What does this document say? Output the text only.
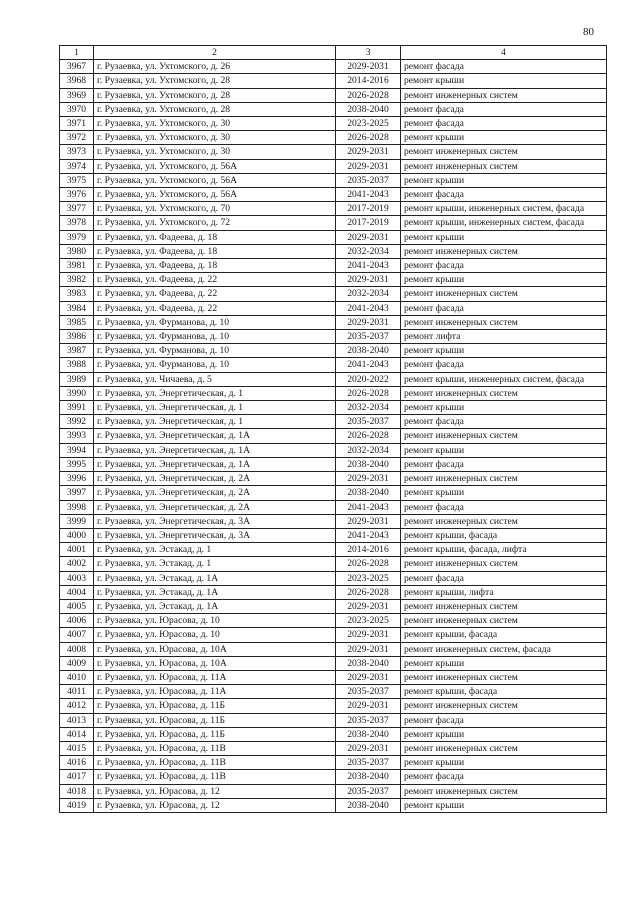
80
1	2	3	4
3967	г. Рузаевка, ул. Ухтомского, д. 26	2029-2031	ремонт фасада
3968	г. Рузаевка, ул. Ухтомского, д. 28	2014-2016	ремонт крыши
3969	г. Рузаевка, ул. Ухтомского, д. 28	2026-2028	ремонт инженерных систем
3970	г. Рузаевка, ул. Ухтомского, д. 28	2038-2040	ремонт фасада
3971	г. Рузаевка, ул. Ухтомского, д. 30	2023-2025	ремонт фасада
3972	г. Рузаевка, ул. Ухтомского, д. 30	2026-2028	ремонт крыши
3973	г. Рузаевка, ул. Ухтомского, д. 30	2029-2031	ремонт инженерных систем
3974	г. Рузаевка, ул. Ухтомского, д. 56А	2029-2031	ремонт инженерных систем
3975	г. Рузаевка, ул. Ухтомского, д. 56А	2035-2037	ремонт крыши
3976	г. Рузаевка, ул. Ухтомского, д. 56А	2041-2043	ремонт фасада
3977	г. Рузаевка, ул. Ухтомского, д. 70	2017-2019	ремонт крыши, инженерных систем, фасада
3978	г. Рузаевка, ул. Ухтомского, д. 72	2017-2019	ремонт крыши, инженерных систем, фасада
3979	г. Рузаевка, ул. Фадеева, д. 18	2029-2031	ремонт крыши
3980	г. Рузаевка, ул. Фадеева, д. 18	2032-2034	ремонт инженерных систем
3981	г. Рузаевка, ул. Фадеева, д. 18	2041-2043	ремонт фасада
3982	г. Рузаевка, ул. Фадеева, д. 22	2029-2031	ремонт крыши
3983	г. Рузаевка, ул. Фадеева, д. 22	2032-2034	ремонт инженерных систем
3984	г. Рузаевка, ул. Фадеева, д. 22	2041-2043	ремонт фасада
3985	г. Рузаевка, ул. Фурманова, д. 10	2029-2031	ремонт инженерных систем
3986	г. Рузаевка, ул. Фурманова, д. 10	2035-2037	ремонт лифта
3987	г. Рузаевка, ул. Фурманова, д. 10	2038-2040	ремонт крыши
3988	г. Рузаевка, ул. Фурманова, д. 10	2041-2043	ремонт фасада
3989	г. Рузаевка, ул. Чичаева, д. 5	2020-2022	ремонт крыши, инженерных систем, фасада
3990	г. Рузаевка, ул. Энергетическая, д. 1	2026-2028	ремонт инженерных систем
3991	г. Рузаевка, ул. Энергетическая, д. 1	2032-2034	ремонт крыши
3992	г. Рузаевка, ул. Энергетическая, д. 1	2035-2037	ремонт фасада
3993	г. Рузаевка, ул. Энергетическая, д. 1А	2026-2028	ремонт инженерных систем
3994	г. Рузаевка, ул. Энергетическая, д. 1А	2032-2034	ремонт крыши
3995	г. Рузаевка, ул. Энергетическая, д. 1А	2038-2040	ремонт фасада
3996	г. Рузаевка, ул. Энергетическая, д. 2А	2029-2031	ремонт инженерных систем
3997	г. Рузаевка, ул. Энергетическая, д. 2А	2038-2040	ремонт крыши
3998	г. Рузаевка, ул. Энергетическая, д. 2А	2041-2043	ремонт фасада
3999	г. Рузаевка, ул. Энергетическая, д. 3А	2029-2031	ремонт инженерных систем
4000	г. Рузаевка, ул. Энергетическая, д. 3А	2041-2043	ремонт крыши, фасада
4001	г. Рузаевка, ул. Эстакад, д. 1	2014-2016	ремонт крыши, фасада, лифта
4002	г. Рузаевка, ул. Эстакад, д. 1	2026-2028	ремонт инженерных систем
4003	г. Рузаевка, ул. Эстакад, д. 1А	2023-2025	ремонт фасада
4004	г. Рузаевка, ул. Эстакад, д. 1А	2026-2028	ремонт крыши, лифта
4005	г. Рузаевка, ул. Эстакад, д. 1А	2029-2031	ремонт инженерных систем
4006	г. Рузаевка, ул. Юрасова, д. 10	2023-2025	ремонт инженерных систем
4007	г. Рузаевка, ул. Юрасова, д. 10	2029-2031	ремонт крыши, фасада
4008	г. Рузаевка, ул. Юрасова, д. 10А	2029-2031	ремонт инженерных систем, фасада
4009	г. Рузаевка, ул. Юрасова, д. 10А	2038-2040	ремонт крыши
4010	г. Рузаевка, ул. Юрасова, д. 11А	2029-2031	ремонт инженерных систем
4011	г. Рузаевка, ул. Юрасова, д. 11А	2035-2037	ремонт крыши, фасада
4012	г. Рузаевка, ул. Юрасова, д. 11Б	2029-2031	ремонт инженерных систем
4013	г. Рузаевка, ул. Юрасова, д. 11Б	2035-2037	ремонт фасада
4014	г. Рузаевка, ул. Юрасова, д. 11Б	2038-2040	ремонт крыши
4015	г. Рузаевка, ул. Юрасова, д. 11В	2029-2031	ремонт инженерных систем
4016	г. Рузаевка, ул. Юрасова, д. 11В	2035-2037	ремонт крыши
4017	г. Рузаевка, ул. Юрасова, д. 11В	2038-2040	ремонт фасада
4018	г. Рузаевка, ул. Юрасова, д. 12	2035-2037	ремонт инженерных систем
4019	г. Рузаевка, ул. Юрасова, д. 12	2038-2040	ремонт крыши
